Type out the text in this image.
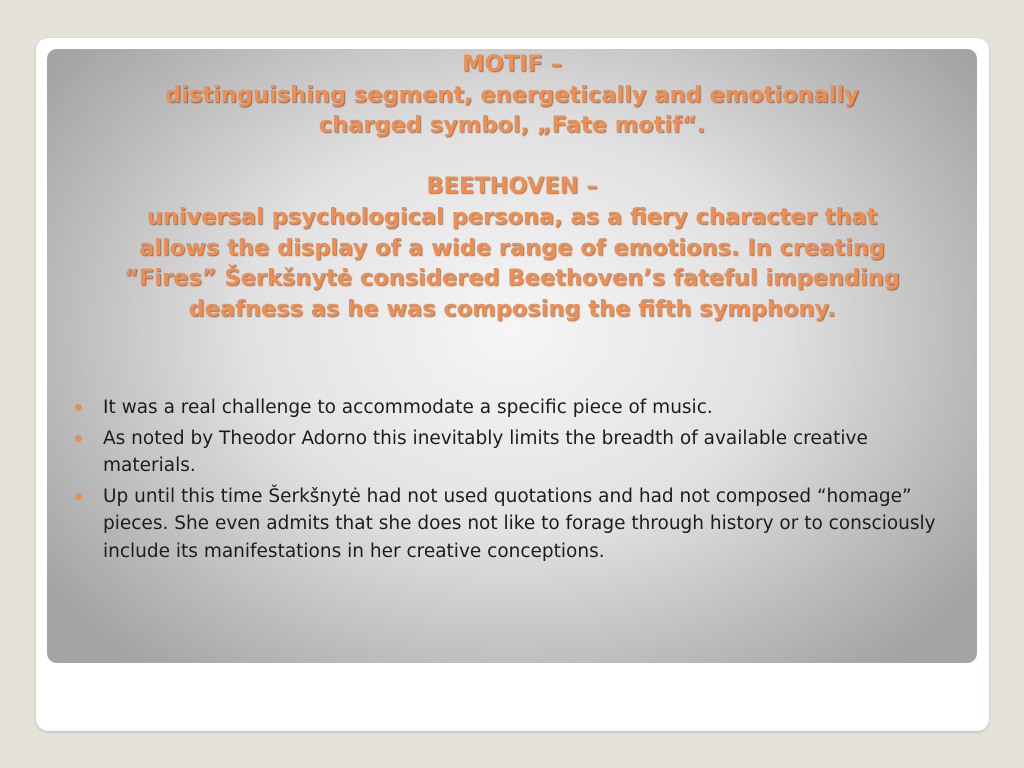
MOTIF –
distinguishing segment, energetically and emotionally
charged symbol, „Fate motif“.
BEETHOVEN –
universal psychological persona, as a fiery character that
allows the display of a wide range of emotions. In creating
“Fires” Šerkšnytė considered Beethoven’s fateful impending
deafness as he was composing the fifth symphony.
It was a real challenge to accommodate a specific piece of music.
As noted by Theodor Adorno this inevitably limits the breadth of available creative materials.
Up until this time Šerkšnytė had not used quotations and had not composed “homage” pieces. She even admits that she does not like to forage through history or to consciously include its manifestations in her creative conceptions.
